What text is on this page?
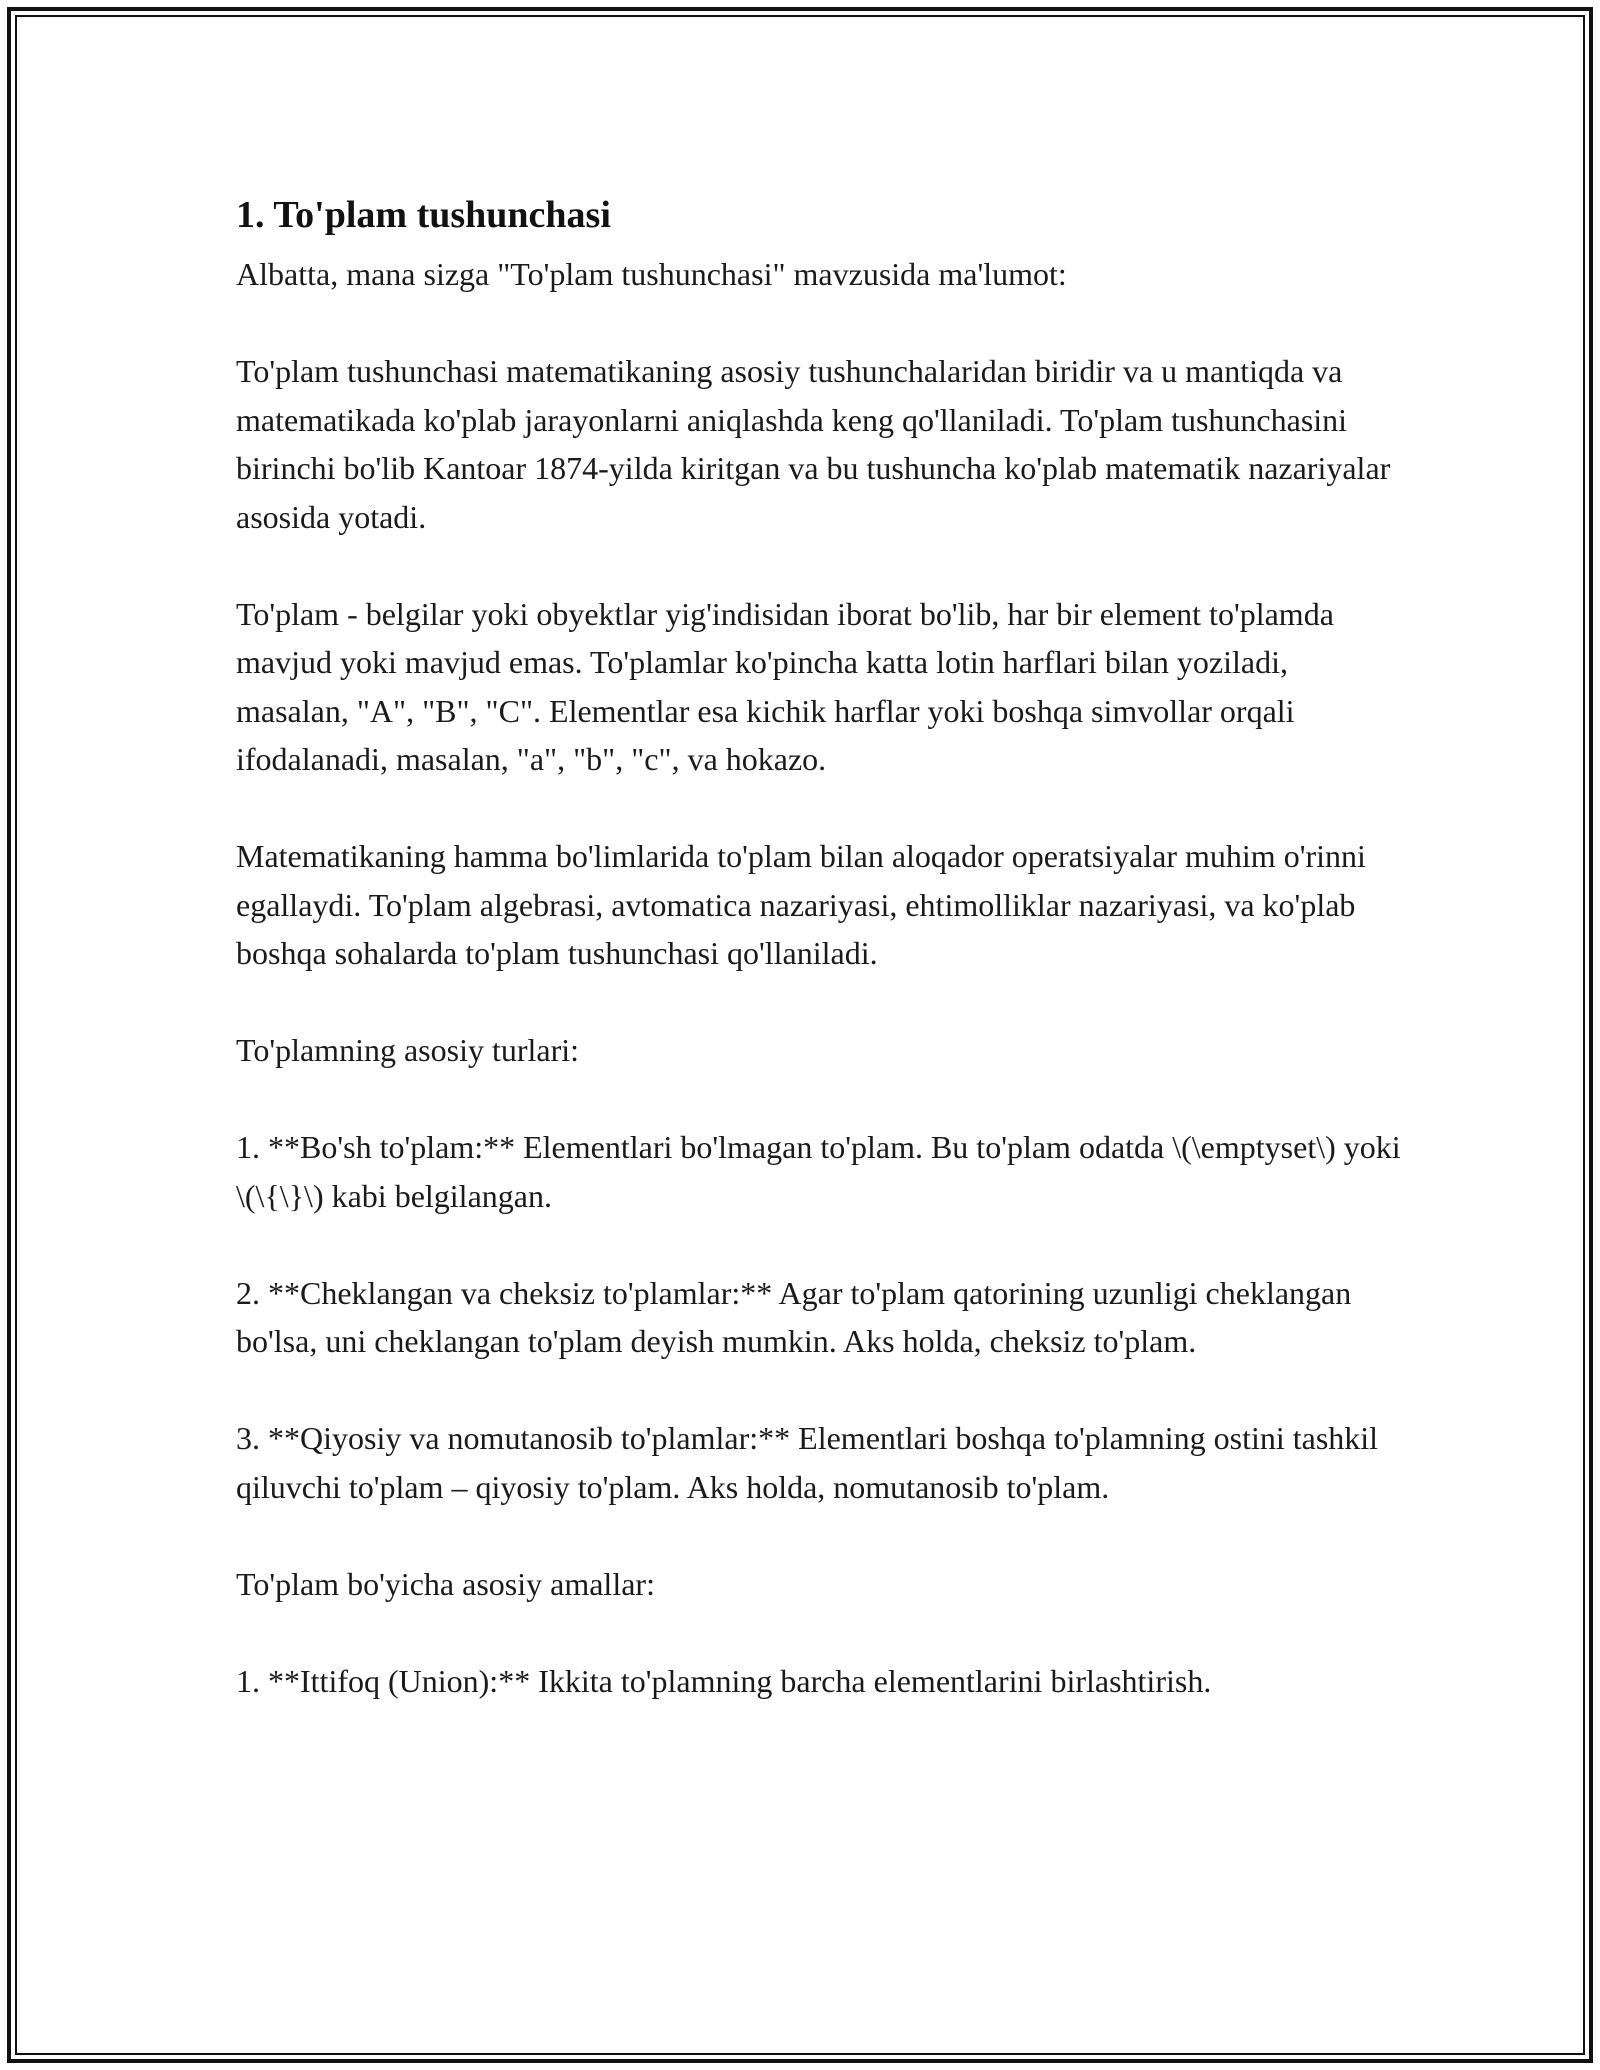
1. To'plam tushunchasi

Albatta, mana sizga "To'plam tushunchasi" mavzusida ma'lumot:

To'plam tushunchasi matematikaning asosiy tushunchalaridan biridir va u mantiqda va matematikada ko'plab jarayonlarni aniqlashda keng qo'llaniladi. To'plam tushunchasini birinchi bo'lib Kantoar 1874-yilda kiritgan va bu tushuncha ko'plab matematik nazariyalar asosida yotadi.

To'plam - belgilar yoki obyektlar yig'indisidan iborat bo'lib, har bir element to'plamda mavjud yoki mavjud emas. To'plamlar ko'pincha katta lotin harflari bilan yoziladi, masalan, "A", "B", "C". Elementlar esa kichik harflar yoki boshqa simvollar orqali ifodalanadi, masalan, "a", "b", "c", va hokazo.

Matematikaning hamma bo'limlarida to'plam bilan aloqador operatsiyalar muhim o'rinni egallaydi. To'plam algebrasi, avtomatica nazariyasi, ehtimolliklar nazariyasi, va ko'plab boshqa sohalarda to'plam tushunchasi qo'llaniladi.

To'plamning asosiy turlari:

1. **Bo'sh to'plam:** Elementlari bo'lmagan to'plam. Bu to'plam odatda \(\emptyset\) yoki \(\{\}\) kabi belgilangan.

2. **Cheklangan va cheksiz to'plamlar:** Agar to'plam qatorining uzunligi cheklangan bo'lsa, uni cheklangan to'plam deyish mumkin. Aks holda, cheksiz to'plam.

3. **Qiyosiy va nomutanosib to'plamlar:** Elementlari boshqa to'plamning ostini tashkil qiluvchi to'plam – qiyosiy to'plam. Aks holda, nomutanosib to'plam.

To'plam bo'yicha asosiy amallar:

1. **Ittifoq (Union):** Ikkita to'plamning barcha elementlarini birlashtirish.
